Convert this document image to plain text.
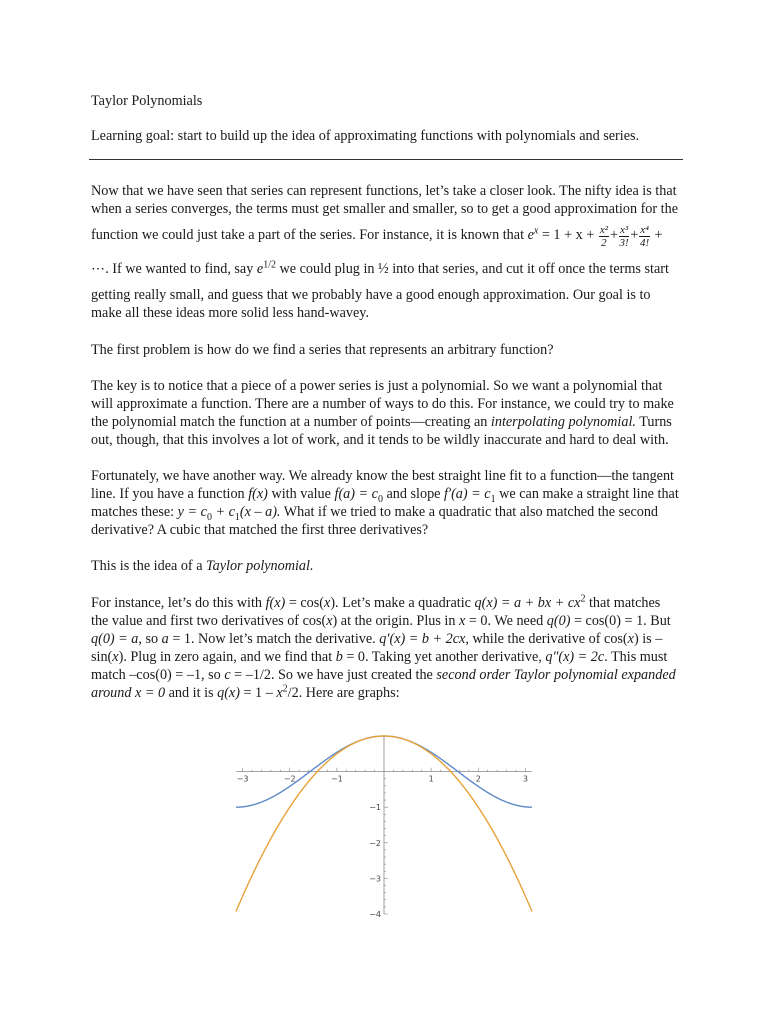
Taylor Polynomials
Learning goal: start to build up the idea of approximating functions with polynomials and series.

Now that we have seen that series can represent functions, let’s take a closer look. The nifty idea is that when a series converges, the terms must get smaller and smaller, so to get a good approximation for the function we could just take a part of the series. For instance, it is known that $e^x = 1 + x + \frac{\text{x²}}{2} + \frac{\text{x³}}{3!} + \frac{\text{x⁴}}{4!}$ + ⋯. If we wanted to find, say $e^{1/2}$ we could plug in ½ into that series, and cut it off once the terms start getting really small, and guess that we probably have a good enough approximation. Our goal is to make all these ideas more solid less hand-wavey.

The first problem is how do we find a series that represents an arbitrary function?

The key is to notice that a piece of a power series is just a polynomial. So we want a polynomial that will approximate a function. There are a number of ways to do this. For instance, we could try to make the polynomial match the function at a number of points—creating an interpolating polynomial. Turns out, though, that this involves a lot of work, and it tends to be wildly inaccurate and hard to deal with.

Fortunately, we have another way. We already know the best straight line fit to a function—the tangent line. If you have a function f(x) with value $f(a) = c_0$ and slope $f'(a) = c_1$ we can make a straight line that matches these: $y = c_0 + c_1(x - a)$. What if we tried to make a quadratic that also matched the second derivative? A cubic that matched the first three derivatives?

This is the idea of a Taylor polynomial.

For instance, let’s do this with f(x) = cos(x). Let’s make a quadratic q(x) = a + bx + $cx^2$ that matches the value and first two derivatives of cos(x) at the origin. Plus in x = 0. We need q(0) = cos(0) = 1. But q(0) = a, so a = 1. Now let’s match the derivative. q′(x) = b + 2cx, while the derivative of cos(x) is –sin(x). Plug in zero again, and we find that b = 0. Taking yet another derivative, q″(x) = 2c. This must match –cos(0) = –1, so c = –1/2. So we have just created the second order Taylor polynomial expanded around x = 0 and it is $q(x) = 1 - x^2/2$. Here are graphs:

−3	−2	−1	1	2	3
−1
−2
−3
−4
